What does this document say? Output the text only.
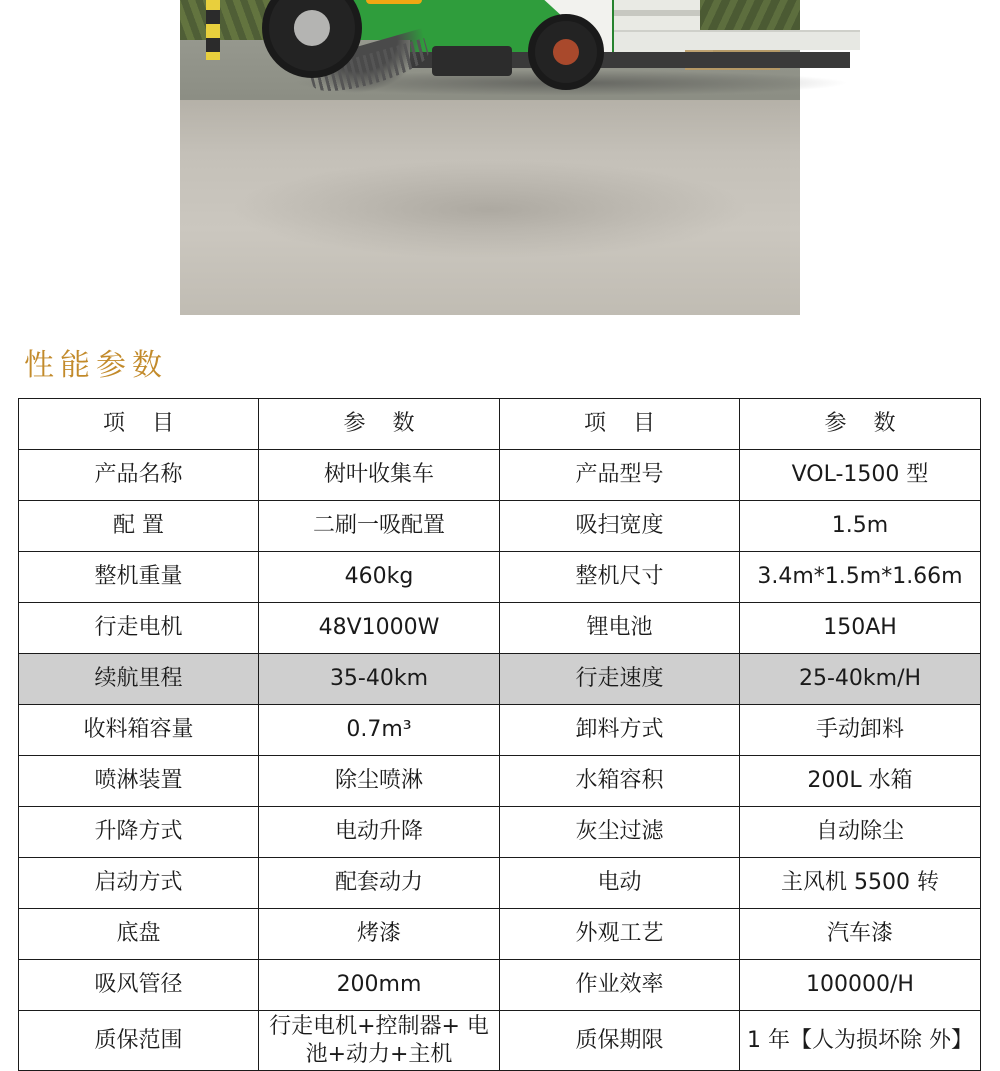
性能参数
项 目	参 数	项 目	参 数
产品名称	树叶收集车	产品型号	VOL-1500 型
配 置	二刷一吸配置	吸扫宽度	1.5m
整机重量	460kg	整机尺寸	3.4m*1.5m*1.66m
行走电机	48V1000W	锂电池	150AH
续航里程	35-40km	行走速度	25-40km/H
收料箱容量	0.7m³	卸料方式	手动卸料
喷淋装置	除尘喷淋	水箱容积	200L 水箱
升降方式	电动升降	灰尘过滤	自动除尘
启动方式	配套动力	电动	主风机 5500 转
底盘	烤漆	外观工艺	汽车漆
吸风管径	200mm	作业效率	100000/H
质保范围	行走电机+控制器+ 电池+动力+主机	质保期限	1 年【人为损坏除 外】
